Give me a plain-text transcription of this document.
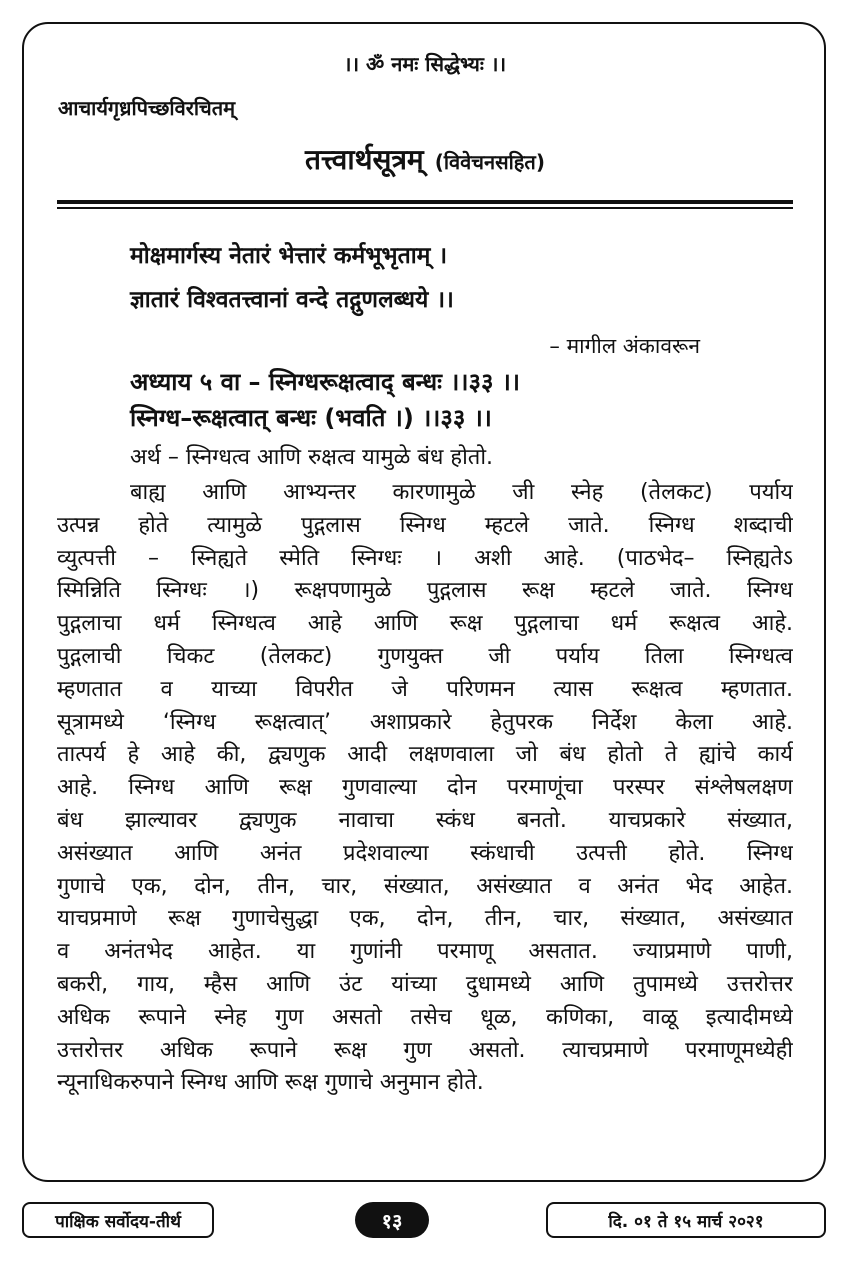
।। ॐ नमः सिद्धेभ्यः ।।
आचार्यगृध्रपिच्छविरचितम्
तत्त्वार्थसूत्रम् (विवेचनसहित)
मोक्षमार्गस्य नेतारं भेत्तारं कर्मभूभृताम् ।
ज्ञातारं विश्वतत्त्वानां वन्दे तद्गुणलब्धये ।।
– मागील अंकावरून
अध्याय ५ वा – स्निग्धरूक्षत्वाद् बन्धः ।।३३ ।।
स्निग्ध–रूक्षत्वात् बन्धः (भवति ।) ।।३३ ।।
अर्थ – स्निग्धत्व आणि रुक्षत्व यामुळे बंध होतो.
बाह्य आणि आभ्यन्तर कारणामुळे जी स्नेह (तेलकट) पर्याय
उत्पन्न होते त्यामुळे पुद्गलास स्निग्ध म्हटले जाते. स्निग्ध शब्दाची
व्युत्पत्ती – स्निह्यते स्मेति स्निग्धः । अशी आहे. (पाठभेद– स्निह्यतेऽ
स्मिन्निति स्निग्धः ।) रूक्षपणामुळे पुद्गलास रूक्ष म्हटले जाते. स्निग्ध
पुद्गलाचा धर्म स्निग्धत्व आहे आणि रूक्ष पुद्गलाचा धर्म रूक्षत्व आहे.
पुद्गलाची चिकट (तेलकट) गुणयुक्त जी पर्याय तिला स्निग्धत्व
म्हणतात व याच्या विपरीत जे परिणमन त्यास रूक्षत्व म्हणतात.
सूत्रामध्ये ‘स्निग्ध रूक्षत्वात्’ अशाप्रकारे हेतुपरक निर्देश केला आहे.
तात्पर्य हे आहे की, द्व्यणुक आदी लक्षणवाला जो बंध होतो ते ह्यांचे कार्य
आहे. स्निग्ध आणि रूक्ष गुणवाल्या दोन परमाणूंचा परस्पर संश्लेषलक्षण
बंध झाल्यावर द्व्यणुक नावाचा स्कंध बनतो. याचप्रकारे संख्यात,
असंख्यात आणि अनंत प्रदेशवाल्या स्कंधाची उत्पत्ती होते. स्निग्ध
गुणाचे एक, दोन, तीन, चार, संख्यात, असंख्यात व अनंत भेद आहेत.
याचप्रमाणे रूक्ष गुणाचेसुद्धा एक, दोन, तीन, चार, संख्यात, असंख्यात
व अनंतभेद आहेत. या गुणांनी परमाणू असतात. ज्याप्रमाणे पाणी,
बकरी, गाय, म्हैस आणि उंट यांच्या दुधामध्ये आणि तुपामध्ये उत्तरोत्तर
अधिक रूपाने स्नेह गुण असतो तसेच धूळ, कणिका, वाळू इत्यादीमध्ये
उत्तरोत्तर अधिक रूपाने रूक्ष गुण असतो. त्याचप्रमाणे परमाणूमध्येही
न्यूनाधिकरुपाने स्निग्ध आणि रूक्ष गुणाचे अनुमान होते.
पाक्षिक सर्वोदय-तीर्थ	१३	दि. ०१ ते १५ मार्च २०२१
